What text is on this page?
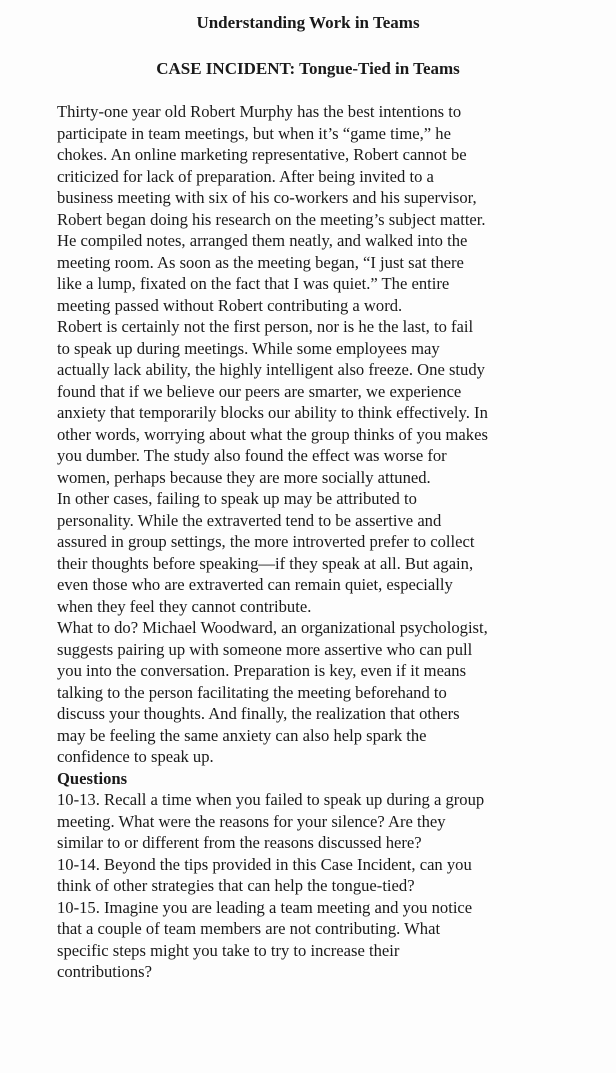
Understanding Work in Teams
CASE INCIDENT: Tongue-Tied in Teams

Thirty-one year old Robert Murphy has the best intentions to
participate in team meetings, but when it’s “game time,” he
chokes. An online marketing representative, Robert cannot be
criticized for lack of preparation. After being invited to a
business meeting with six of his co-workers and his supervisor,
Robert began doing his research on the meeting’s subject matter.
He compiled notes, arranged them neatly, and walked into the
meeting room. As soon as the meeting began, “I just sat there
like a lump, fixated on the fact that I was quiet.” The entire
meeting passed without Robert contributing a word.

Robert is certainly not the first person, nor is he the last, to fail
to speak up during meetings. While some employees may
actually lack ability, the highly intelligent also freeze. One study
found that if we believe our peers are smarter, we experience
anxiety that temporarily blocks our ability to think effectively. In
other words, worrying about what the group thinks of you makes
you dumber. The study also found the effect was worse for
women, perhaps because they are more socially attuned.

In other cases, failing to speak up may be attributed to
personality. While the extraverted tend to be assertive and
assured in group settings, the more introverted prefer to collect
their thoughts before speaking—if they speak at all. But again,
even those who are extraverted can remain quiet, especially
when they feel they cannot contribute.

What to do? Michael Woodward, an organizational psychologist,
suggests pairing up with someone more assertive who can pull
you into the conversation. Preparation is key, even if it means
talking to the person facilitating the meeting beforehand to
discuss your thoughts. And finally, the realization that others
may be feeling the same anxiety can also help spark the
confidence to speak up.

Questions

10-13. Recall a time when you failed to speak up during a group
meeting. What were the reasons for your silence? Are they
similar to or different from the reasons discussed here?

10-14. Beyond the tips provided in this Case Incident, can you
think of other strategies that can help the tongue-tied?

10-15. Imagine you are leading a team meeting and you notice
that a couple of team members are not contributing. What
specific steps might you take to try to increase their
contributions?
